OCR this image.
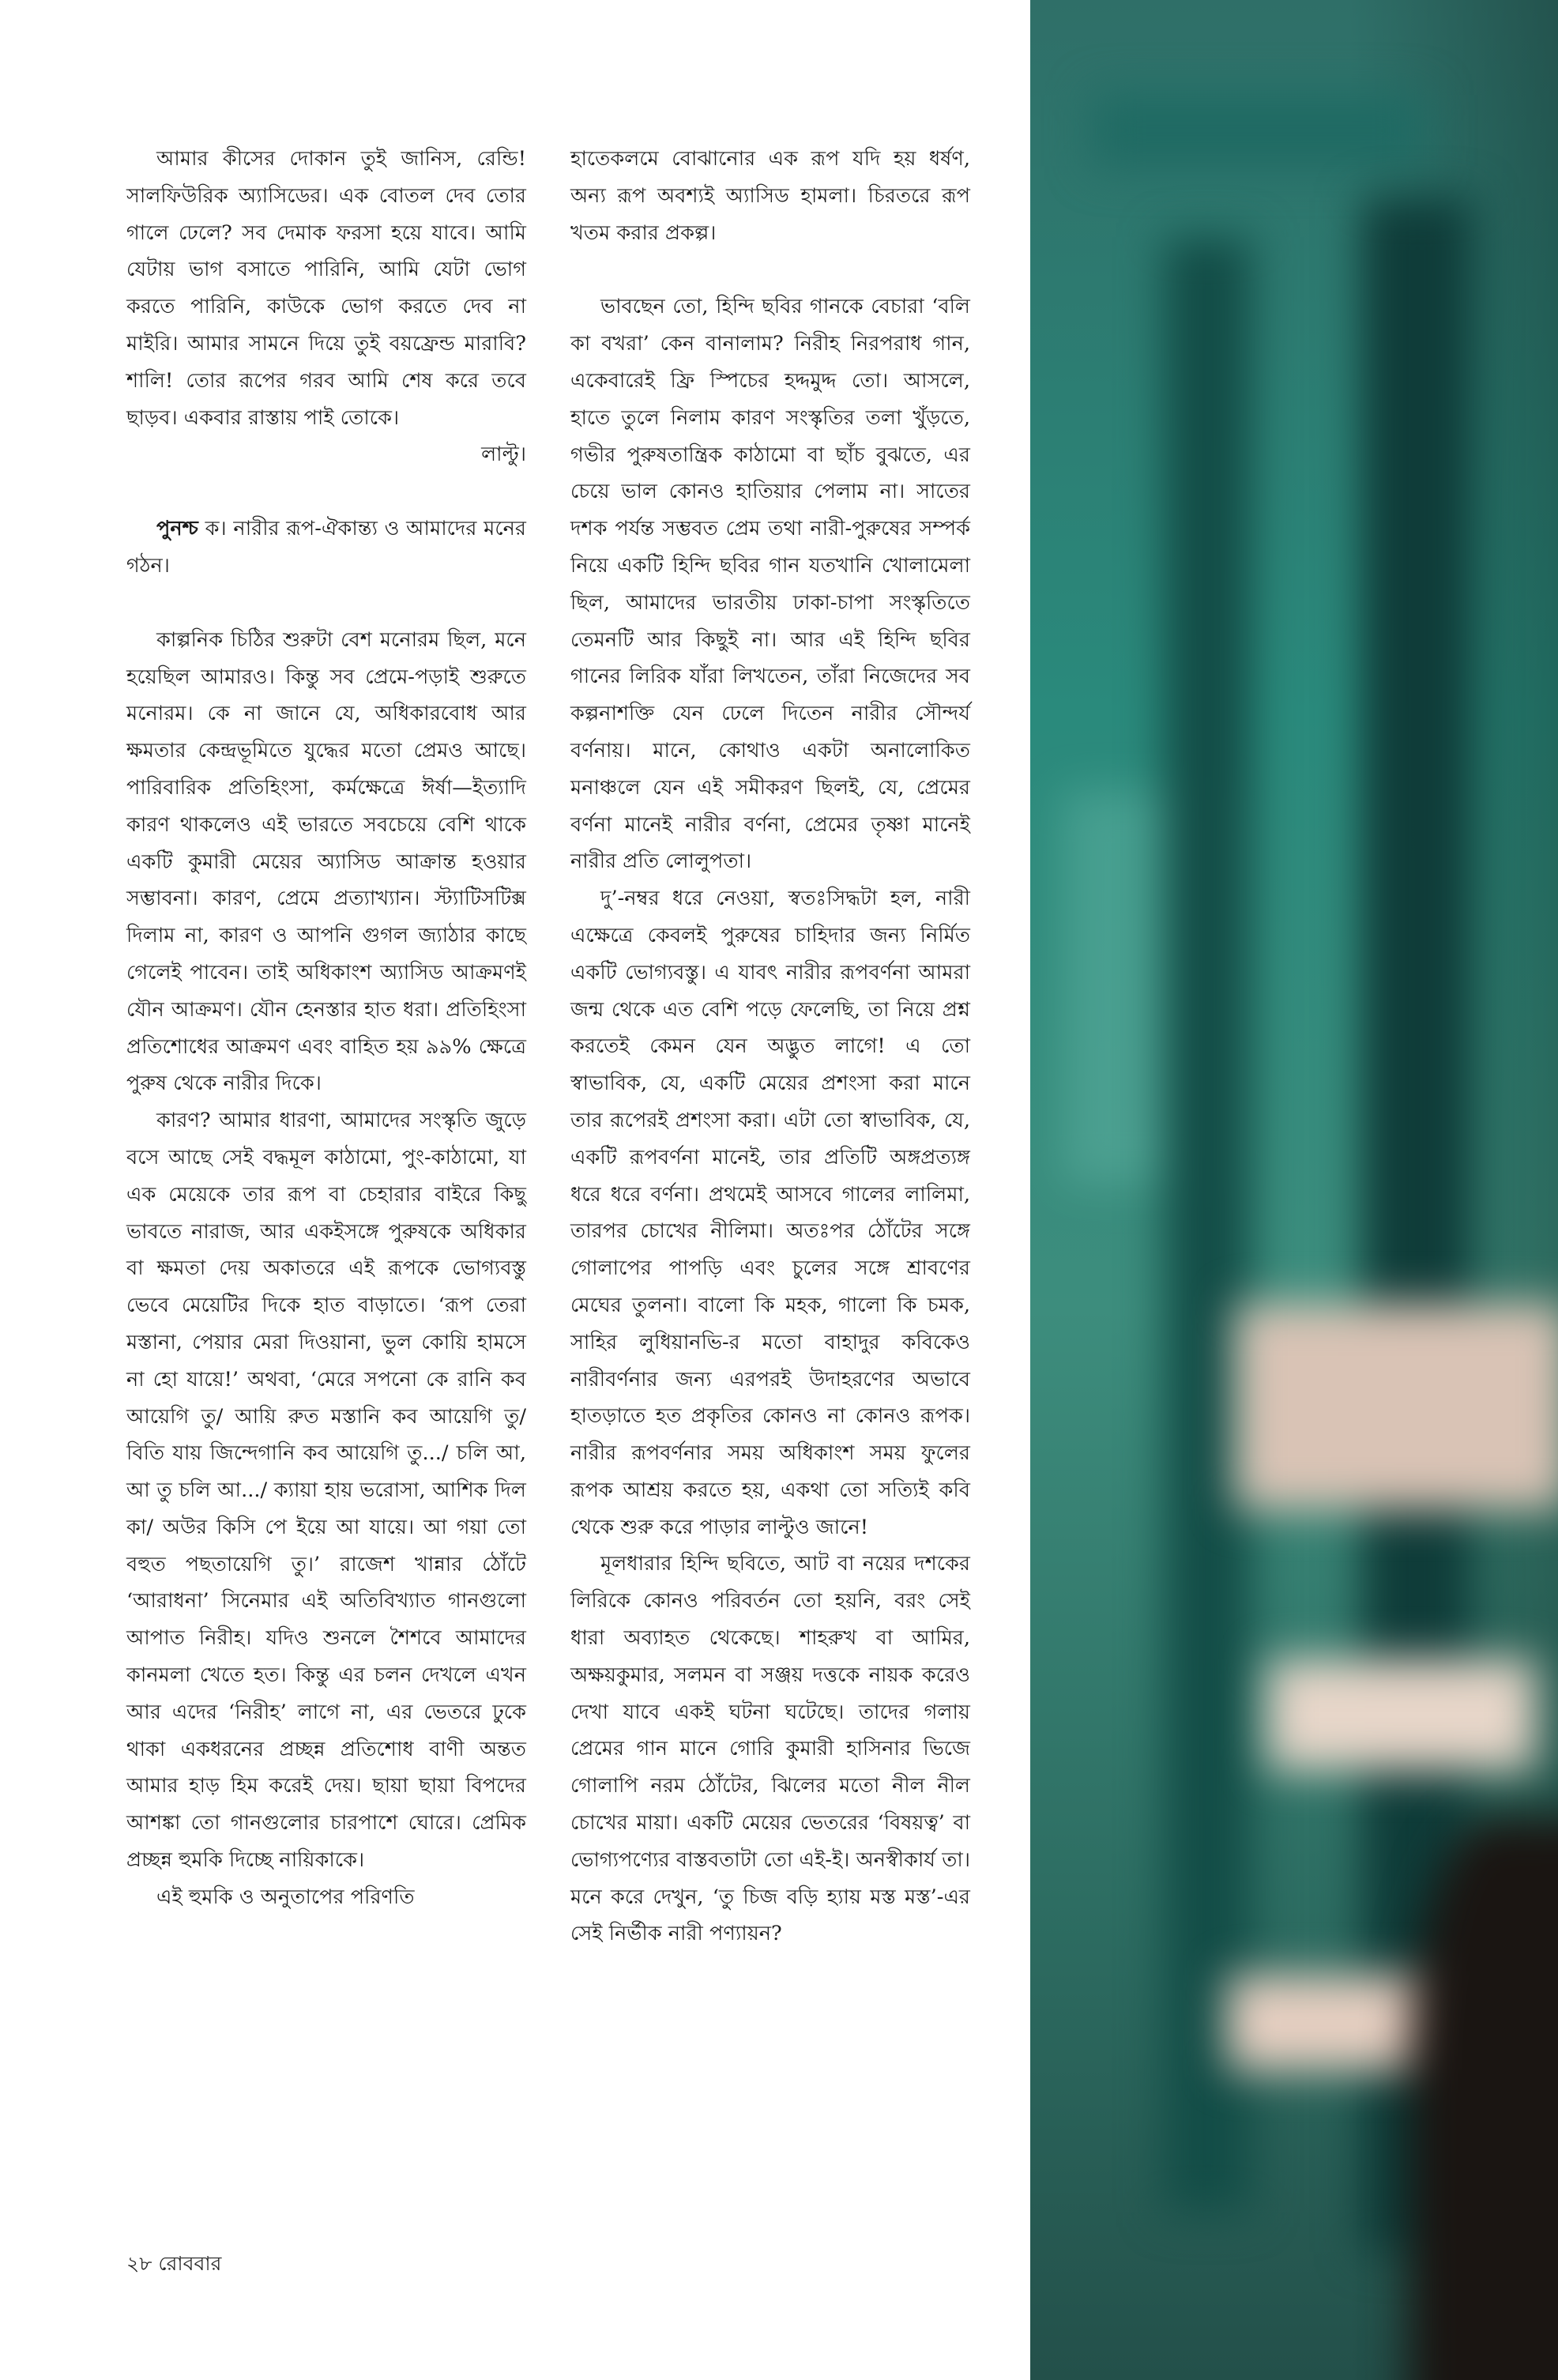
আমার কীসের দোকান তুই জানিস, রেন্ডি! সালফিউরিক অ্যাসিডের। এক বোতল দেব তোর গালে ঢেলে? সব দেমাক ফরসা হয়ে যাবে। আমি যেটায় ভাগ বসাতে পারিনি, আমি যেটা ভোগ করতে পারিনি, কাউকে ভোগ করতে দেব না মাইরি। আমার সামনে দিয়ে তুই বয়ফ্রেন্ড মারাবি? শালি! তোর রূপের গরব আমি শেষ করে তবে ছাড়ব। একবার রাস্তায় পাই তোকে।

লাল্টু।

পুনশ্চ ক। নারীর রূপ-ঐকান্ত্য ও আমাদের মনের গঠন।

কাল্পনিক চিঠির শুরুটা বেশ মনোরম ছিল, মনে হয়েছিল আমারও। কিন্তু সব প্রেমে-পড়াই শুরুতে মনোরম। কে না জানে যে, অধিকারবোধ আর ক্ষমতার কেন্দ্রভূমিতে যুদ্ধের মতো প্রেমও আছে। পারিবারিক প্রতিহিংসা, কর্মক্ষেত্রে ঈর্ষা—ইত্যাদি কারণ থাকলেও এই ভারতে সবচেয়ে বেশি থাকে একটি কুমারী মেয়ের অ্যাসিড আক্রান্ত হওয়ার সম্ভাবনা। কারণ, প্রেমে প্রত্যাখ্যান। স্ট্যাটিসটিক্স দিলাম না, কারণ ও আপনি গুগল জ্যাঠার কাছে গেলেই পাবেন। তাই অধিকাংশ অ্যাসিড আক্রমণই যৌন আক্রমণ। যৌন হেনস্তার হাত ধরা। প্রতিহিংসা প্রতিশোধের আক্রমণ এবং বাহিত হয় ৯৯% ক্ষেত্রে পুরুষ থেকে নারীর দিকে।

কারণ? আমার ধারণা, আমাদের সংস্কৃতি জুড়ে বসে আছে সেই বদ্ধমূল কাঠামো, পুং-কাঠামো, যা এক মেয়েকে তার রূপ বা চেহারার বাইরে কিছু ভাবতে নারাজ, আর একইসঙ্গে পুরুষকে অধিকার বা ক্ষমতা দেয় অকাতরে এই রূপকে ভোগ্যবস্তু ভেবে মেয়েটির দিকে হাত বাড়াতে। ‘রূপ তেরা মস্তানা, পেয়ার মেরা দিওয়ানা, ভুল কোয়ি হামসে না হো যায়ে!’ অথবা, ‘মেরে সপনো কে রানি কব আয়েগি তু/ আয়ি রুত মস্তানি কব আয়েগি তু/ বিতি যায় জিন্দেগানি কব আয়েগি তু.../ চলি আ, আ তু চলি আ.../ ক্যায়া হায় ভরোসা, আশিক দিল কা/ অউর কিসি পে ইয়ে আ যায়ে। আ গয়া তো বহুত পছতায়েগি তু।’ রাজেশ খান্নার ঠোঁটে ‘আরাধনা’ সিনেমার এই অতিবিখ্যাত গানগুলো আপাত নিরীহ। যদিও শুনলে শৈশবে আমাদের কানমলা খেতে হত। কিন্তু এর চলন দেখলে এখন আর এদের ‘নিরীহ’ লাগে না, এর ভেতরে ঢুকে থাকা একধরনের প্রচ্ছন্ন প্রতিশোধ বাণী অন্তত আমার হাড় হিম করেই দেয়। ছায়া ছায়া বিপদের আশঙ্কা তো গানগুলোর চারপাশে ঘোরে। প্রেমিক প্রচ্ছন্ন হুমকি দিচ্ছে নায়িকাকে।

এই হুমকি ও অনুতাপের পরিণতি

হাতেকলমে বোঝানোর এক রূপ যদি হয় ধর্ষণ, অন্য রূপ অবশ্যই অ্যাসিড হামলা। চিরতরে রূপ খতম করার প্রকল্প।

ভাবছেন তো, হিন্দি ছবির গানকে বেচারা ‘বলি কা বখরা’ কেন বানালাম? নিরীহ নিরপরাধ গান, একেবারেই ফ্রি স্পিচের হদ্দমুদ্দ তো। আসলে, হাতে তুলে নিলাম কারণ সংস্কৃতির তলা খুঁড়তে, গভীর পুরুষতান্ত্রিক কাঠামো বা ছাঁচ বুঝতে, এর চেয়ে ভাল কোনও হাতিয়ার পেলাম না। সাতের দশক পর্যন্ত সম্ভবত প্রেম তথা নারী-পুরুষের সম্পর্ক নিয়ে একটি হিন্দি ছবির গান যতখানি খোলামেলা ছিল, আমাদের ভারতীয় ঢাকা-চাপা সংস্কৃতিতে তেমনটি আর কিছুই না। আর এই হিন্দি ছবির গানের লিরিক যাঁরা লিখতেন, তাঁরা নিজেদের সব কল্পনাশক্তি যেন ঢেলে দিতেন নারীর সৌন্দর্য বর্ণনায়। মানে, কোথাও একটা অনালোকিত মনাঞ্চলে যেন এই সমীকরণ ছিলই, যে, প্রেমের বর্ণনা মানেই নারীর বর্ণনা, প্রেমের তৃষ্ণা মানেই নারীর প্রতি লোলুপতা।

দু’-নম্বর ধরে নেওয়া, স্বতঃসিদ্ধটা হল, নারী এক্ষেত্রে কেবলই পুরুষের চাহিদার জন্য নির্মিত একটি ভোগ্যবস্তু। এ যাবৎ নারীর রূপবর্ণনা আমরা জন্ম থেকে এত বেশি পড়ে ফেলেছি, তা নিয়ে প্রশ্ন করতেই কেমন যেন অদ্ভুত লাগে! এ তো স্বাভাবিক, যে, একটি মেয়ের প্রশংসা করা মানে তার রূপেরই প্রশংসা করা। এটা তো স্বাভাবিক, যে, একটি রূপবর্ণনা মানেই, তার প্রতিটি অঙ্গপ্রত্যঙ্গ ধরে ধরে বর্ণনা। প্রথমেই আসবে গালের লালিমা, তারপর চোখের নীলিমা। অতঃপর ঠোঁটের সঙ্গে গোলাপের পাপড়ি এবং চুলের সঙ্গে শ্রাবণের মেঘের তুলনা। বালো কি মহক, গালো কি চমক, সাহির লুধিয়ানভি-র মতো বাহাদুর কবিকেও নারীবর্ণনার জন্য এরপরই উদাহরণের অভাবে হাতড়াতে হত প্রকৃতির কোনও না কোনও রূপক। নারীর রূপবর্ণনার সময় অধিকাংশ সময় ফুলের রূপক আশ্রয় করতে হয়, একথা তো সত্যিই কবি থেকে শুরু করে পাড়ার লাল্টুও জানে!

মূলধারার হিন্দি ছবিতে, আট বা নয়ের দশকের লিরিকে কোনও পরিবর্তন তো হয়নি, বরং সেই ধারা অব্যাহত থেকেছে। শাহরুখ বা আমির, অক্ষয়কুমার, সলমন বা সঞ্জয় দত্তকে নায়ক করেও দেখা যাবে একই ঘটনা ঘটেছে। তাদের গলায় প্রেমের গান মানে গোরি কুমারী হাসিনার ভিজে গোলাপি নরম ঠোঁটের, ঝিলের মতো নীল নীল চোখের মায়া। একটি মেয়ের ভেতরের ‘বিষয়ত্ব’ বা ভোগ্যপণ্যের বাস্তবতাটা তো এই-ই। অনস্বীকার্য তা। মনে করে দেখুন, ‘তু চিজ বড়ি হ্যায় মস্ত মস্ত’-এর সেই নির্ভীক নারী পণ্যায়ন?

২৮ রোববার
